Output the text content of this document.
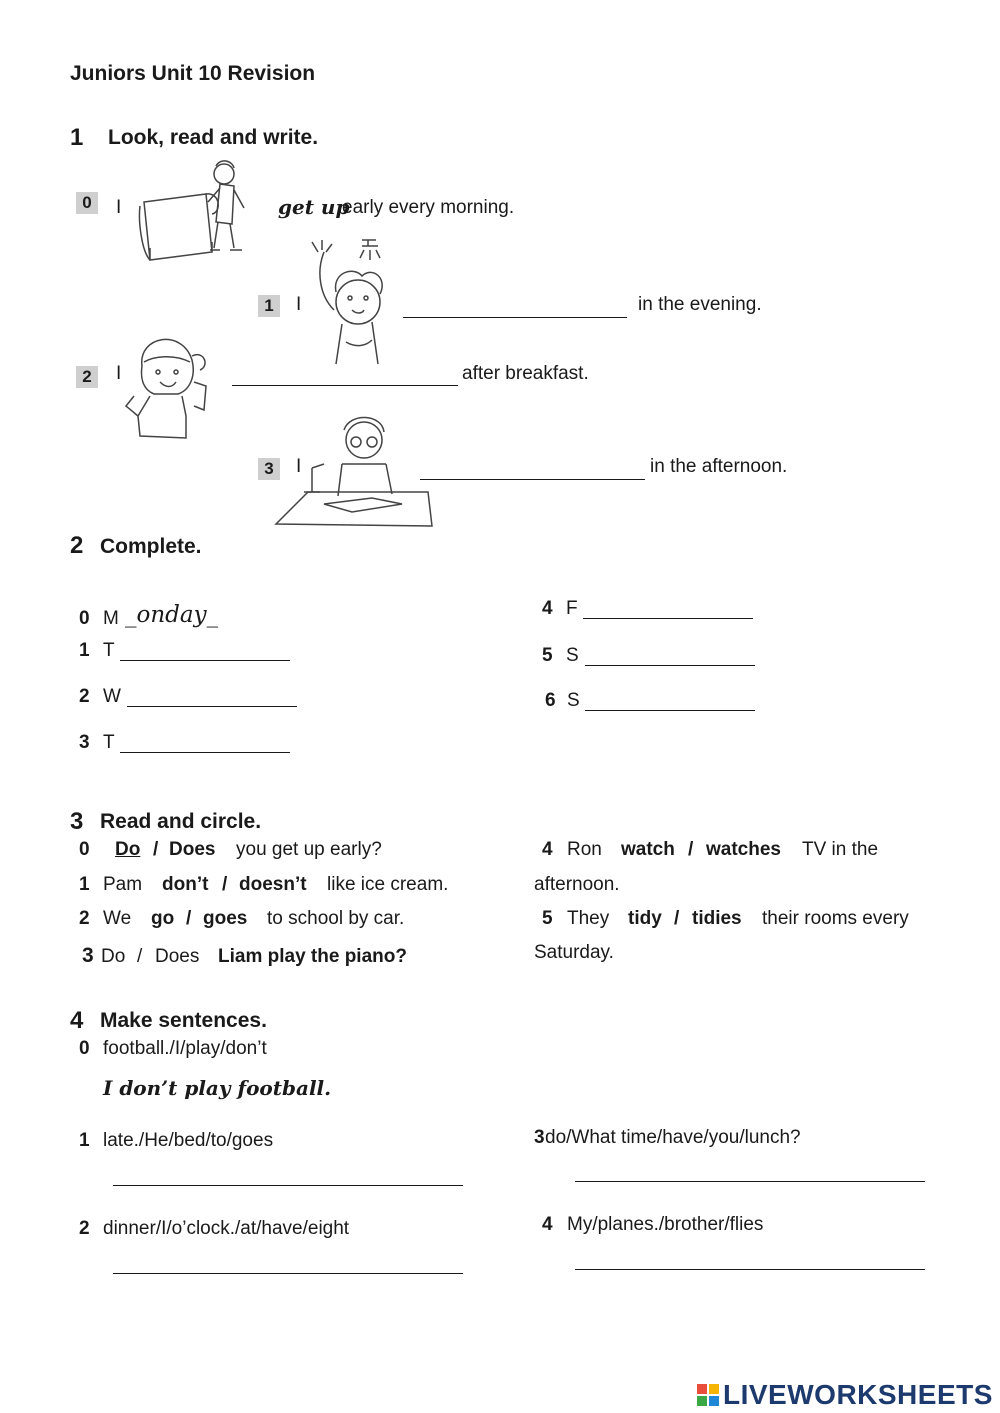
Juniors Unit 10 Revision
1 Look, read and write.
0	I	get up
early every morning.
1	I	in the evening.
2	I	after breakfast.
3	I	in the afternoon.
2 Complete.
0 M _onday_
1 T
2 W
3 T
4 F
5 S
6 S
3 Read and circle.
0 Do / Does you get up early?
1 Pam don’t / doesn’t like ice cream.
2 We go / goes to school by car.
3 Do / Does Liam play the piano?
4 Ron watch / watches TV in the
afternoon.
5 They tidy / tidies their rooms every
Saturday.
4 Make sentences.
0 football./I/play/don’t
I don’t play football.
1 late./He/bed/to/goes
2 dinner/I/o’clock./at/have/eight
3 do/What time/have/you/lunch?
4 My/planes./brother/flies
LIVEWORKSHEETS
